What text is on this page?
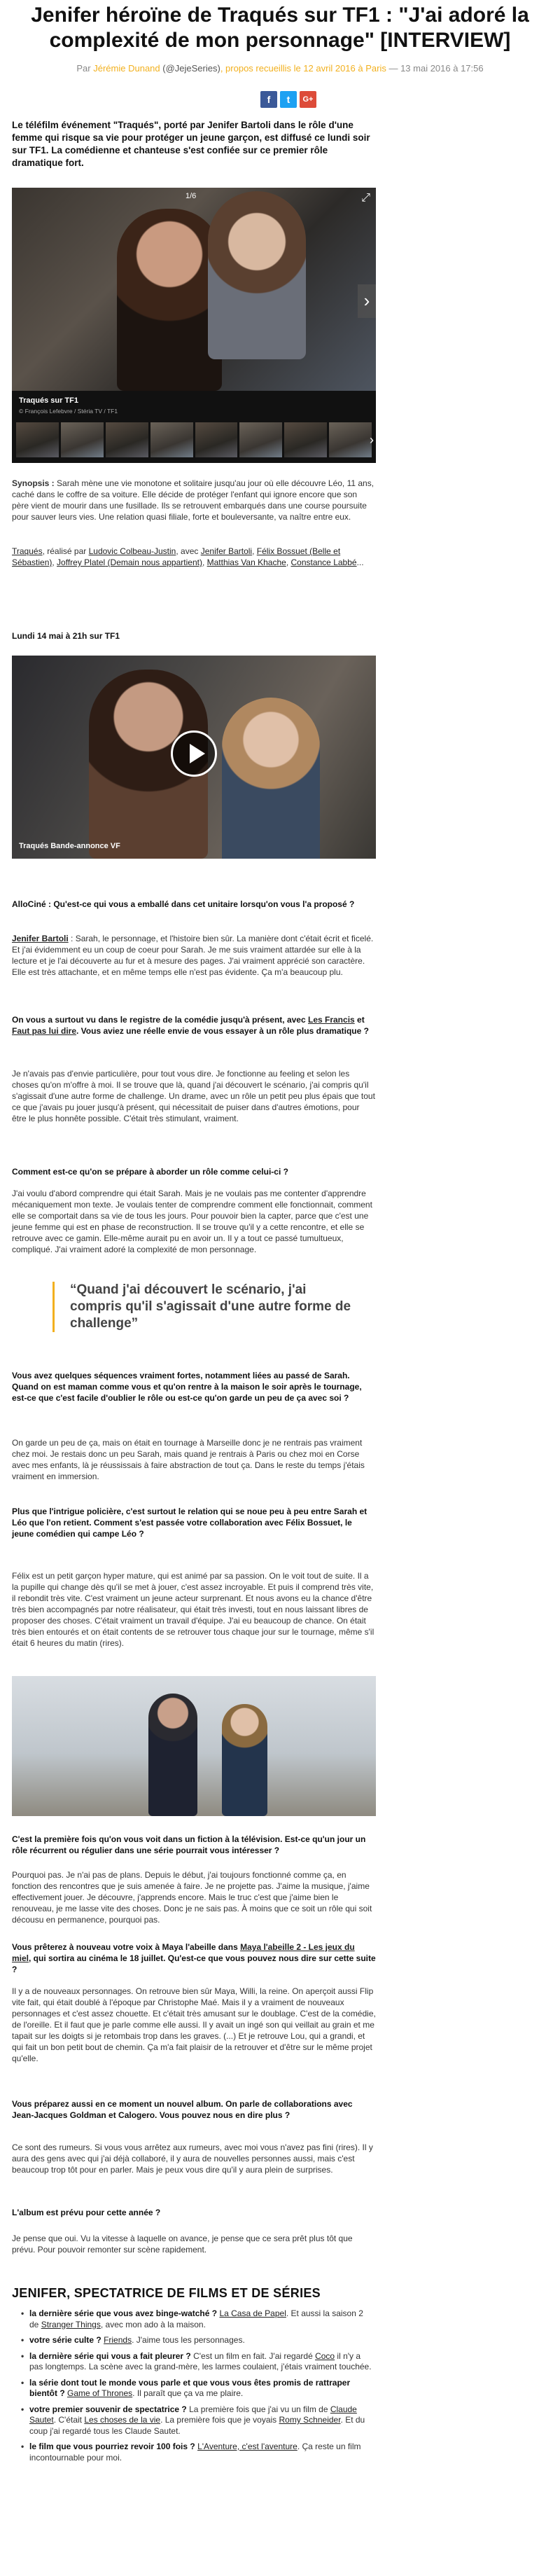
Jenifer héroïne de Traqués sur TF1 : "J'ai adoré la complexité de mon personnage" [INTERVIEW]
Par Jérémie Dunand (@JejeSeries), propos recueillis le 12 avril 2016 à Paris — 13 mai 2016 à 17:56
f	t	G+

Le téléfilm événement "Traqués", porté par Jenifer Bartoli dans le rôle d'une femme qui risque sa vie pour protéger un jeune garçon, est diffusé ce lundi soir sur TF1. La comédienne et chanteuse s'est confiée sur ce premier rôle dramatique fort.

1/6	⤢
›
Traqués sur TF1
© François Lefebvre / Stéria TV / TF1
›

Synopsis : Sarah mène une vie monotone et solitaire jusqu'au jour où elle découvre Léo, 11 ans, caché dans le coffre de sa voiture. Elle décide de protéger l'enfant qui ignore encore que son père vient de mourir dans une fusillade. Ils se retrouvent embarqués dans une course poursuite pour sauver leurs vies. Une relation quasi filiale, forte et bouleversante, va naître entre eux.

Traqués, réalisé par Ludovic Colbeau-Justin, avec Jenifer Bartoli, Félix Bossuet (Belle et Sébastien), Joffrey Platel (Demain nous appartient), Matthias Van Khache, Constance Labbé...

Lundi 14 mai à 21h sur TF1

Traqués Bande-annonce VF

AlloCiné : Qu'est-ce qui vous a emballé dans cet unitaire lorsqu'on vous l'a proposé ?

Jenifer Bartoli : Sarah, le personnage, et l'histoire bien sûr. La manière dont c'était écrit et ficelé. Et j'ai évidemment eu un coup de coeur pour Sarah. Je me suis vraiment attardée sur elle à la lecture et je l'ai découverte au fur et à mesure des pages. J'ai vraiment apprécié son caractère. Elle est très attachante, et en même temps elle n'est pas évidente. Ça m'a beaucoup plu.

On vous a surtout vu dans le registre de la comédie jusqu'à présent, avec Les Francis et Faut pas lui dire. Vous aviez une réelle envie de vous essayer à un rôle plus dramatique ?

Je n'avais pas d'envie particulière, pour tout vous dire. Je fonctionne au feeling et selon les choses qu'on m'offre à moi. Il se trouve que là, quand j'ai découvert le scénario, j'ai compris qu'il s'agissait d'une autre forme de challenge. Un drame, avec un rôle un petit peu plus épais que tout ce que j'avais pu jouer jusqu'à présent, qui nécessitait de puiser dans d'autres émotions, pour être le plus honnête possible. C'était très stimulant, vraiment.

Comment est-ce qu'on se prépare à aborder un rôle comme celui-ci ?

J'ai voulu d'abord comprendre qui était Sarah. Mais je ne voulais pas me contenter d'apprendre mécaniquement mon texte. Je voulais tenter de comprendre comment elle fonctionnait, comment elle se comportait dans sa vie de tous les jours. Pour pouvoir bien la capter, parce que c'est une jeune femme qui est en phase de reconstruction. Il se trouve qu'il y a cette rencontre, et elle se retrouve avec ce gamin. Elle-même aurait pu en avoir un. Il y a tout ce passé tumultueux, compliqué. J'ai vraiment adoré la complexité de mon personnage.

“Quand j'ai découvert le scénario, j'ai compris qu'il s'agissait d'une autre forme de challenge”

Vous avez quelques séquences vraiment fortes, notamment liées au passé de Sarah. Quand on est maman comme vous et qu'on rentre à la maison le soir après le tournage, est-ce que c'est facile d'oublier le rôle ou est-ce qu'on garde un peu de ça avec soi ?

On garde un peu de ça, mais on était en tournage à Marseille donc je ne rentrais pas vraiment chez moi. Je restais donc un peu Sarah, mais quand je rentrais à Paris ou chez moi en Corse avec mes enfants, là je réussissais à faire abstraction de tout ça. Dans le reste du temps j'étais vraiment en immersion.

Plus que l'intrigue policière, c'est surtout le relation qui se noue peu à peu entre Sarah et Léo que l'on retient. Comment s'est passée votre collaboration avec Félix Bossuet, le jeune comédien qui campe Léo ?

Félix est un petit garçon hyper mature, qui est animé par sa passion. On le voit tout de suite. Il a la pupille qui change dès qu'il se met à jouer, c'est assez incroyable. Et puis il comprend très vite, il rebondit très vite. C'est vraiment un jeune acteur surprenant. Et nous avons eu la chance d'être très bien accompagnés par notre réalisateur, qui était très investi, tout en nous laissant libres de proposer des choses. C'était vraiment un travail d'équipe. J'ai eu beaucoup de chance. On était très bien entourés et on était contents de se retrouver tous chaque jour sur le tournage, même s'il était 6 heures du matin (rires).

C'est la première fois qu'on vous voit dans un fiction à la télévision. Est-ce qu'un jour un rôle récurrent ou régulier dans une série pourrait vous intéresser ?

Pourquoi pas. Je n'ai pas de plans. Depuis le début, j'ai toujours fonctionné comme ça, en fonction des rencontres que je suis amenée à faire. Je ne projette pas. J'aime la musique, j'aime effectivement jouer. Je découvre, j'apprends encore. Mais le truc c'est que j'aime bien le renouveau, je me lasse vite des choses. Donc je ne sais pas. À moins que ce soit un rôle qui soit décousu en permanence, pourquoi pas.

Vous prêterez à nouveau votre voix à Maya l'abeille dans Maya l'abeille 2 - Les jeux du miel, qui sortira au cinéma le 18 juillet. Qu'est-ce que vous pouvez nous dire sur cette suite ?

Il y a de nouveaux personnages. On retrouve bien sûr Maya, Willi, la reine. On aperçoit aussi Flip vite fait, qui était doublé à l'époque par Christophe Maé. Mais il y a vraiment de nouveaux personnages et c'est assez chouette. Et c'était très amusant sur le doublage. C'est de la comédie, de l'oreille. Et il faut que je parle comme elle aussi. Il y avait un ingé son qui veillait au grain et me tapait sur les doigts si je retombais trop dans les graves. (...) Et je retrouve Lou, qui a grandi, et qui fait un bon petit bout de chemin. Ça m'a fait plaisir de la retrouver et d'être sur le même projet qu'elle.

Vous préparez aussi en ce moment un nouvel album. On parle de collaborations avec Jean-Jacques Goldman et Calogero. Vous pouvez nous en dire plus ?

Ce sont des rumeurs. Si vous vous arrêtez aux rumeurs, avec moi vous n'avez pas fini (rires). Il y aura des gens avec qui j'ai déjà collaboré, il y aura de nouvelles personnes aussi, mais c'est beaucoup trop tôt pour en parler. Mais je peux vous dire qu'il y aura plein de surprises.

L'album est prévu pour cette année ?

Je pense que oui. Vu la vitesse à laquelle on avance, je pense que ce sera prêt plus tôt que prévu. Pour pouvoir remonter sur scène rapidement.

JENIFER, SPECTATRICE DE FILMS ET DE SÉRIES
• la dernière série que vous avez binge-watché ? La Casa de Papel. Et aussi la saison 2 de Stranger Things, avec mon ado à la maison.
• votre série culte ? Friends. J'aime tous les personnages.
• la dernière série qui vous a fait pleurer ? C'est un film en fait. J'ai regardé Coco il n'y a pas longtemps. La scène avec la grand-mère, les larmes coulaient, j'étais vraiment touchée.
• la série dont tout le monde vous parle et que vous vous êtes promis de rattraper bientôt ? Game of Thrones. Il paraît que ça va me plaire.
• votre premier souvenir de spectatrice ? La première fois que j'ai vu un film de Claude Sautet. C'était Les choses de la vie. La première fois que je voyais Romy Schneider. Et du coup j'ai regardé tous les Claude Sautet.
• le film que vous pourriez revoir 100 fois ? L'Aventure, c'est l'aventure. Ça reste un film incontournable pour moi.
